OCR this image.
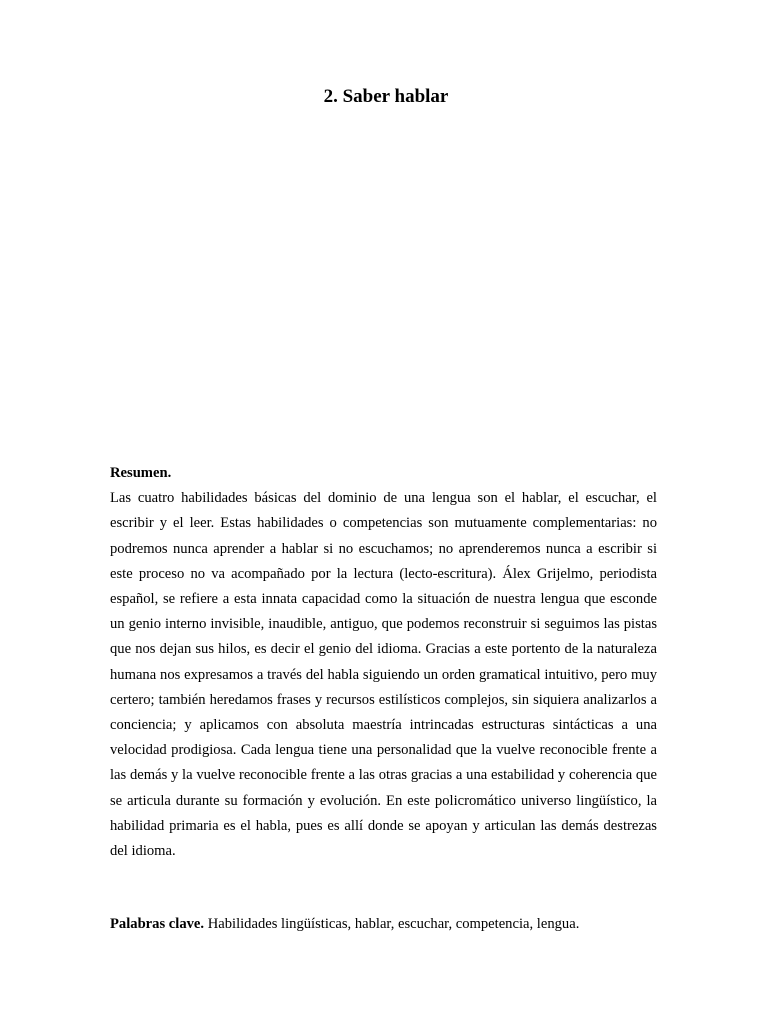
2. Saber hablar
Resumen.

Las cuatro habilidades básicas del dominio de una lengua son el hablar, el escuchar, el escribir y el leer. Estas habilidades o competencias son mutuamente complementarias: no podremos nunca aprender a hablar si no escuchamos; no aprenderemos nunca a escribir si este proceso no va acompañado por la lectura (lecto-escritura). Álex Grijelmo, periodista español, se refiere a esta innata capacidad como la situación de nuestra lengua que esconde un genio interno invisible, inaudible, antiguo, que podemos reconstruir si seguimos las pistas que nos dejan sus hilos, es decir el genio del idioma. Gracias a este portento de la naturaleza humana nos expresamos a través del habla siguiendo un orden gramatical intuitivo, pero muy certero; también heredamos frases y recursos estilísticos complejos, sin siquiera analizarlos a conciencia; y aplicamos con absoluta maestría intrincadas estructuras sintácticas a una velocidad prodigiosa. Cada lengua tiene una personalidad que la vuelve reconocible frente a las demás y la vuelve reconocible frente a las otras gracias a una estabilidad y coherencia que se articula durante su formación y evolución. En este policromático universo lingüístico, la habilidad primaria es el habla, pues es allí donde se apoyan y articulan las demás destrezas del idioma.

Palabras clave. Habilidades lingüísticas, hablar, escuchar, competencia, lengua.
